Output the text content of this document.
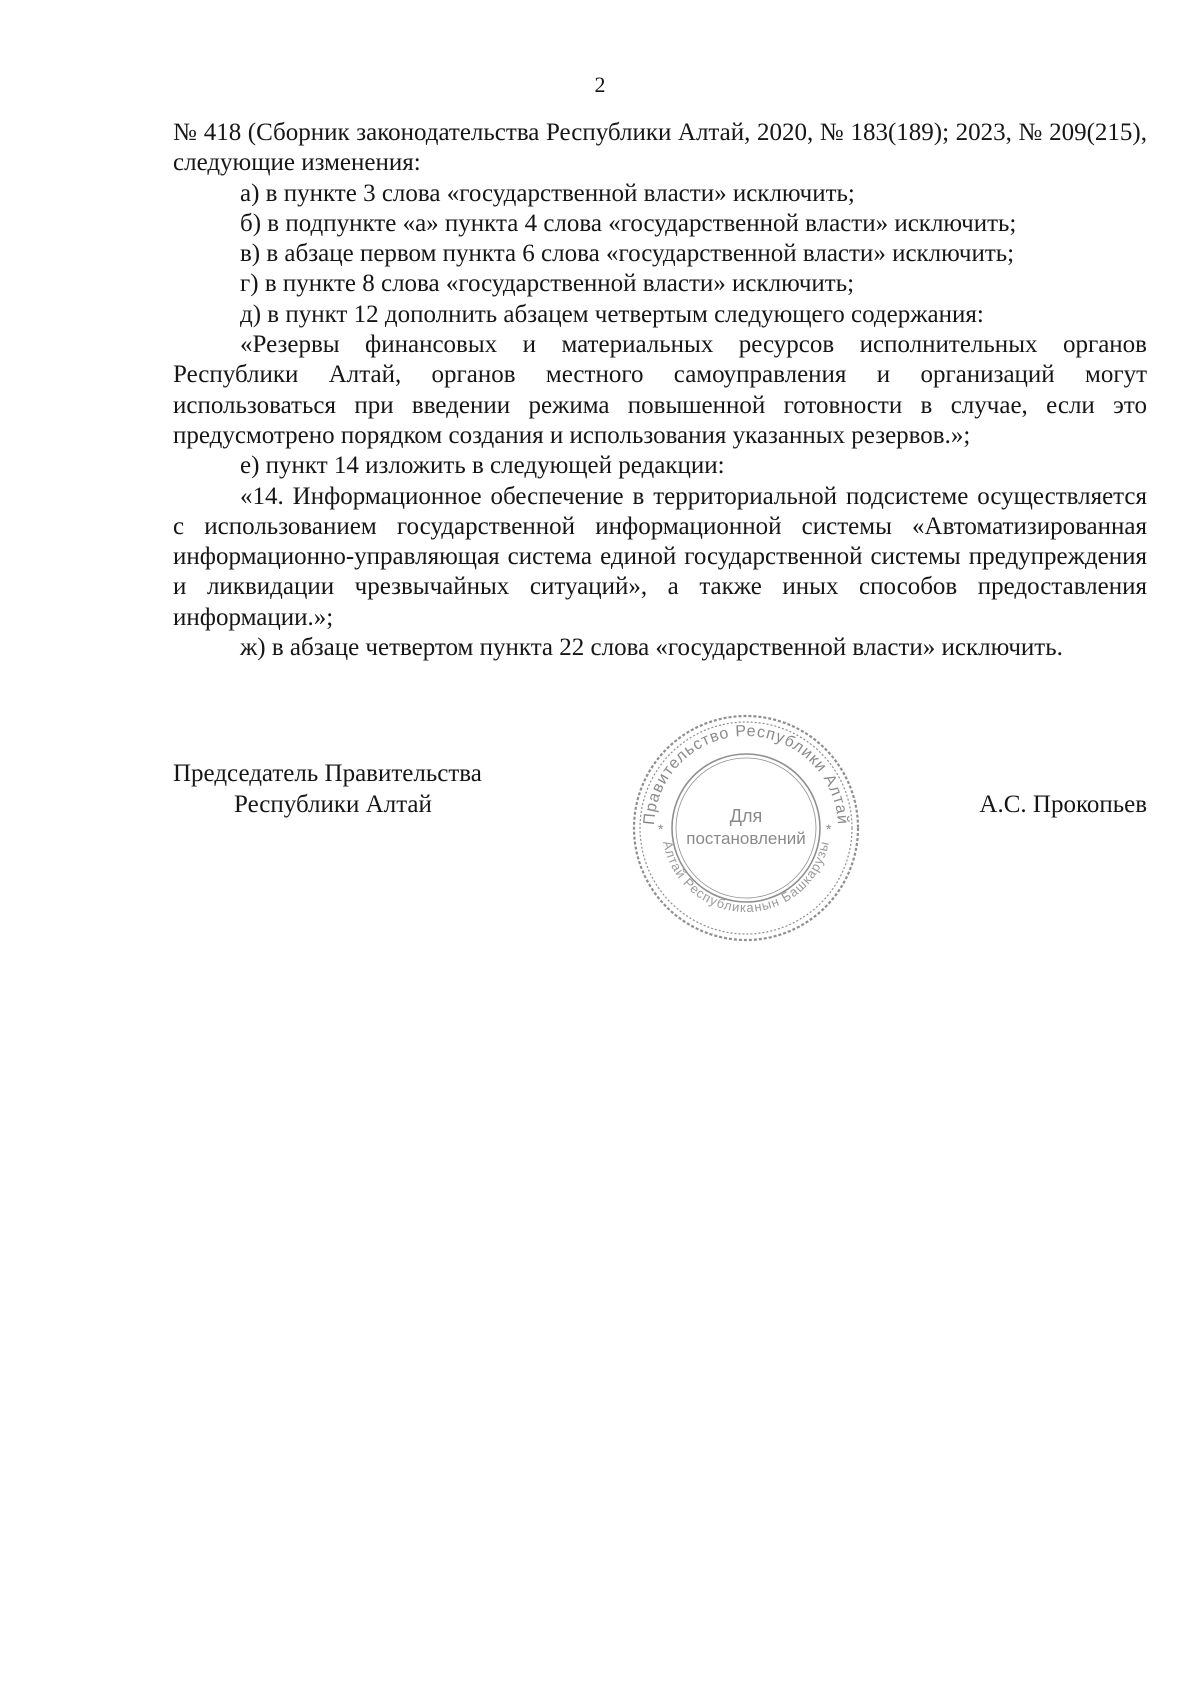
2

№ 418 (Сборник законодательства Республики Алтай, 2020, № 183(189); 2023, № 209(215), следующие изменения:

а) в пункте 3 слова «государственной власти» исключить;

б) в подпункте «а» пункта 4 слова «государственной власти» исключить;

в) в абзаце первом пункта 6 слова «государственной власти» исключить;

г) в пункте 8 слова «государственной власти» исключить;

д) в пункт 12 дополнить абзацем четвертым следующего содержания:

«Резервы финансовых и материальных ресурсов исполнительных органов Республики Алтай, органов местного самоуправления и организаций могут использоваться при введении режима повышенной готовности в случае, если это предусмотрено порядком создания и использования указанных резервов.»;

е) пункт 14 изложить в следующей редакции:

«14. Информационное обеспечение в территориальной подсистеме осуществляется с использованием государственной информационной системы «Автоматизированная информационно-управляющая система единой государственной системы предупреждения и ликвидации чрезвычайных ситуаций», а также иных способов предоставления информации.»;

ж) в абзаце четвертом пункта 22 слова «государственной власти» исключить.

Председатель Правительства
Республики Алтай
Правительство Республики Алтай
Алтай Республиканын Башкарузы
*	*
Для
постановлений
А.С. Прокопьев
